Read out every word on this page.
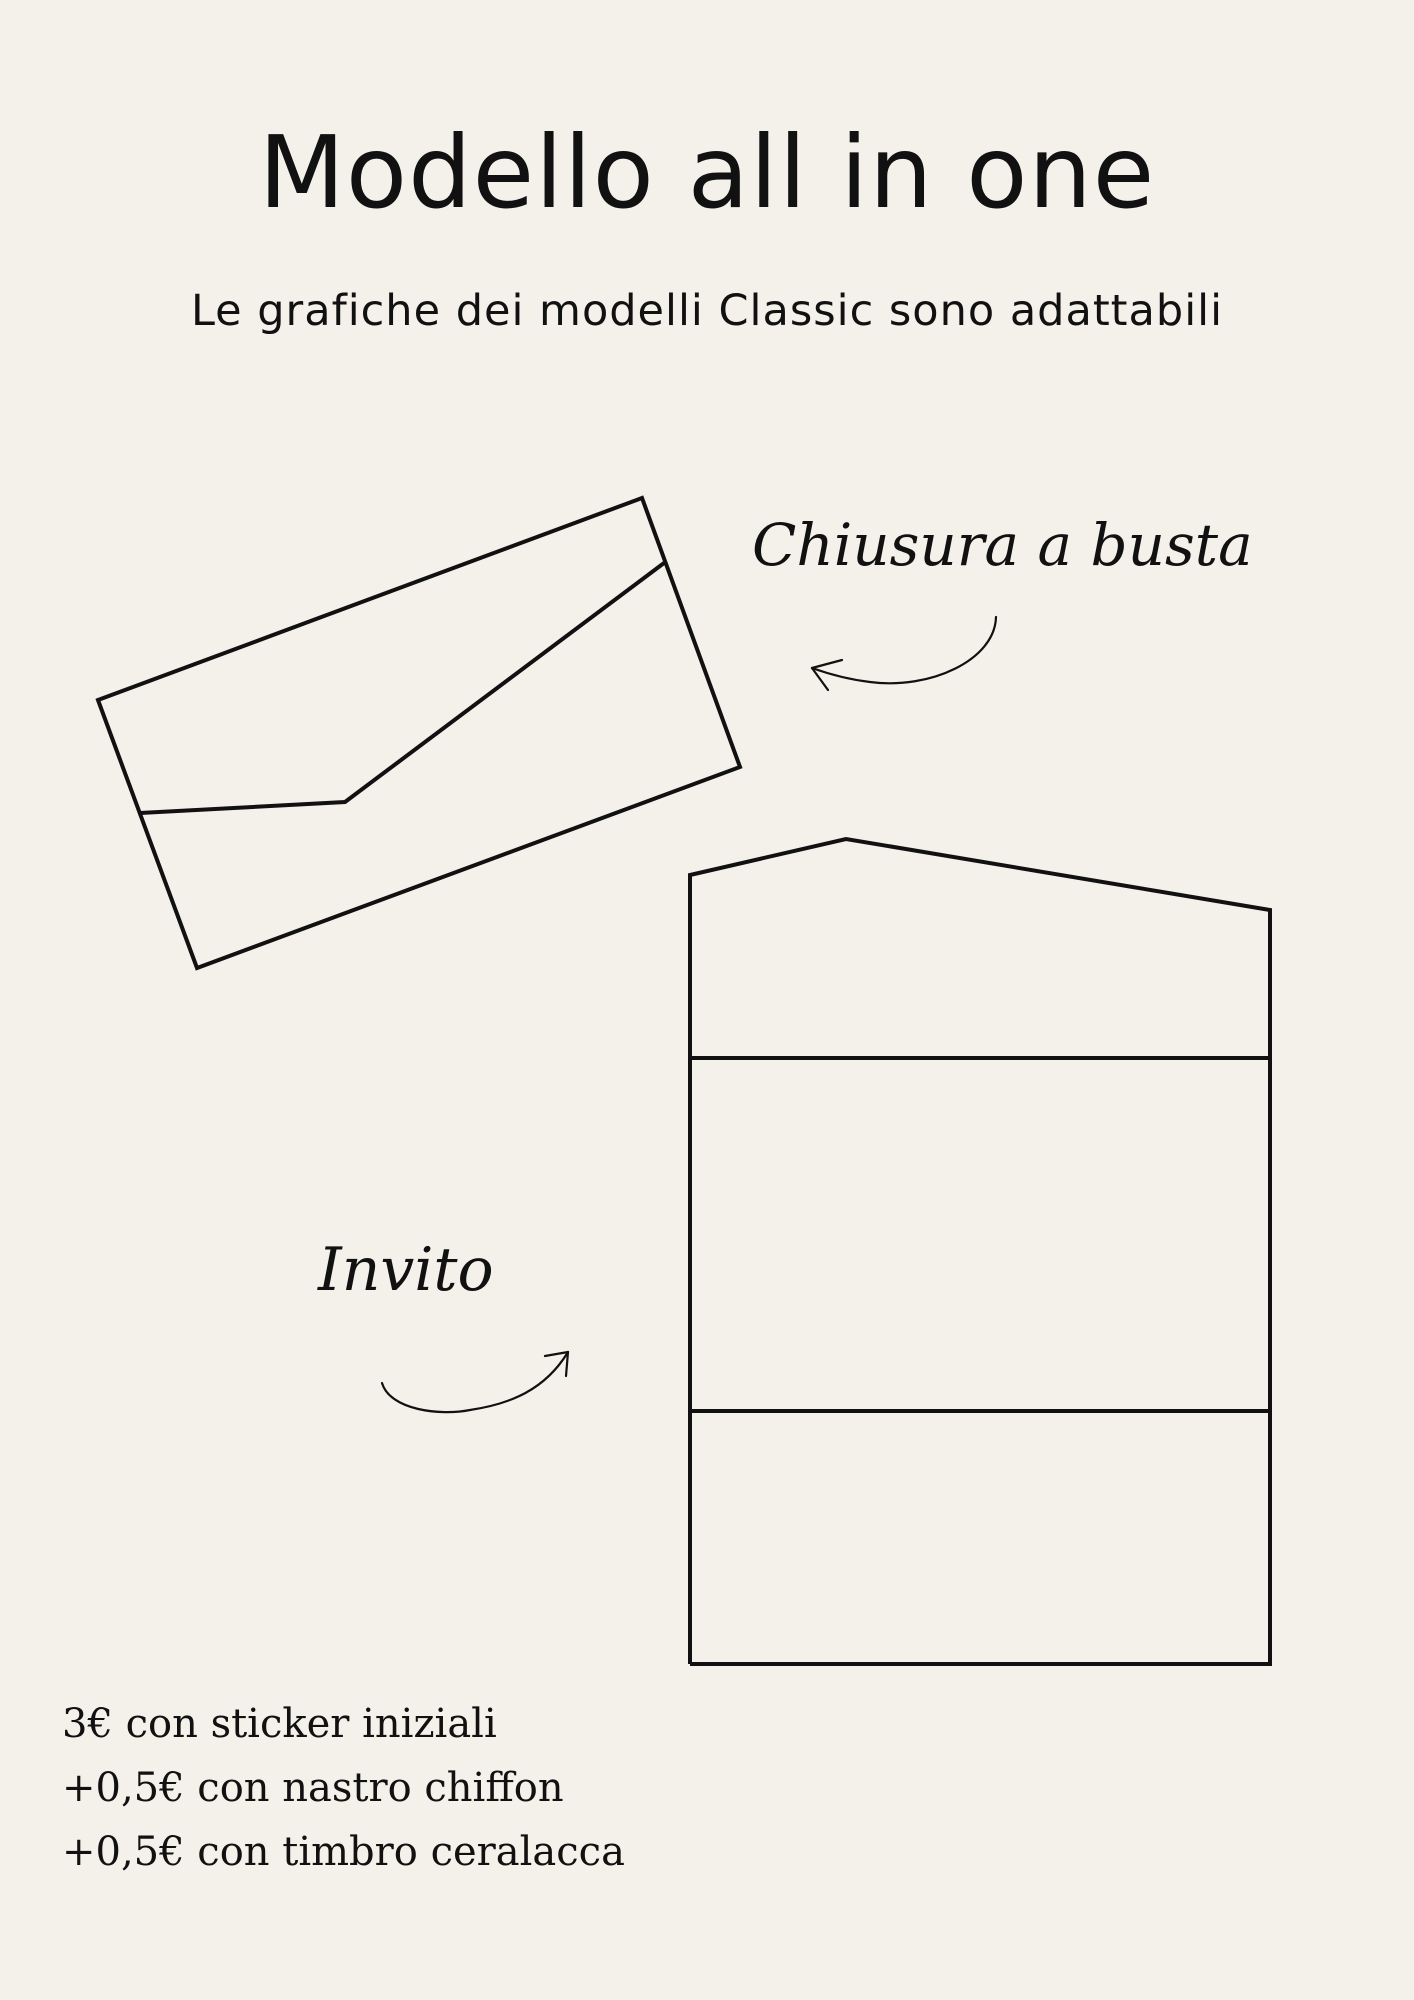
Modello all in one
Le grafiche dei modelli Classic sono adattabili
Chiusura a busta
Invito
3€ con sticker iniziali
+0,5€ con nastro chiffon
+0,5€ con timbro ceralacca
